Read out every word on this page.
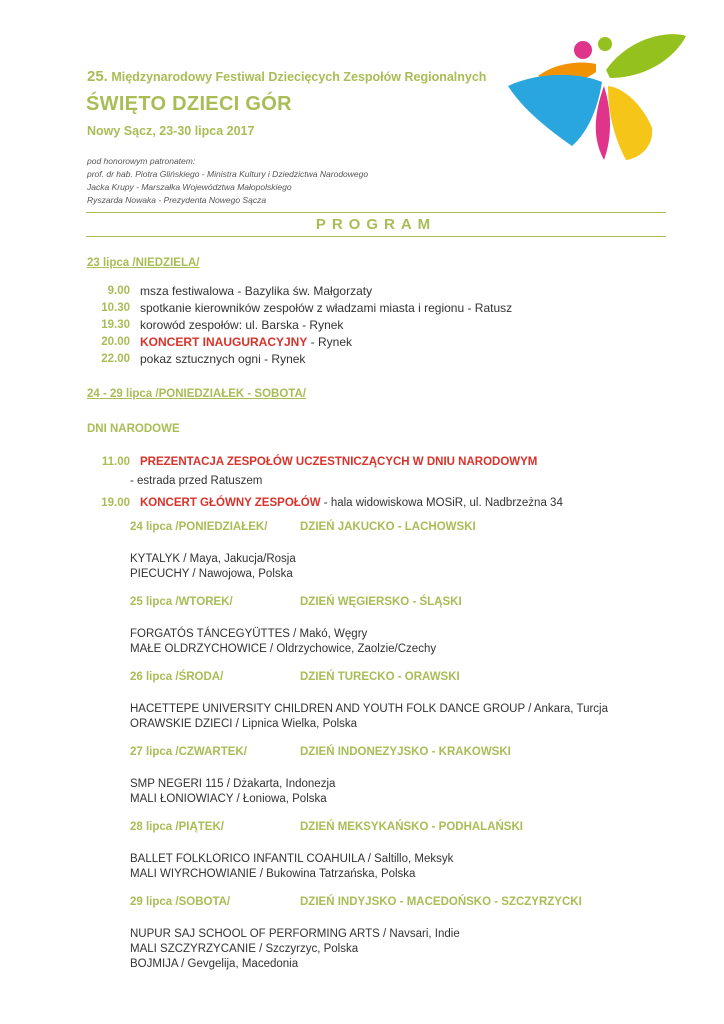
25. Międzynarodowy Festiwal Dziecięcych Zespołów Regionalnych
ŚWIĘTO DZIECI GÓR
Nowy Sącz, 23-30 lipca 2017
pod honorowym patronatem:
prof. dr hab. Piotra Glińskiego - Ministra Kultury i Dziedzictwa Narodowego
Jacka Krupy - Marszałka Województwa Małopolskiego
Ryszarda Nowaka - Prezydenta Nowego Sącza
PROGRAM
23 lipca /NIEDZIELA/
9.00 msza festiwalowa - Bazylika św. Małgorzaty
10.30 spotkanie kierowników zespołów z władzami miasta i regionu - Ratusz
19.30 korowód zespołów: ul. Barska - Rynek
20.00 KONCERT INAUGURACYJNY - Rynek
22.00 pokaz sztucznych ogni - Rynek
24 - 29 lipca /PONIEDZIAŁEK - SOBOTA/
DNI NARODOWE
11.00 PREZENTACJA ZESPOŁÓW UCZESTNICZĄCYCH W DNIU NARODOWYM
- estrada przed Ratuszem
19.00 KONCERT GŁÓWNY ZESPOŁÓW - hala widowiskowa MOSiR, ul. Nadbrzeżna 34
24 lipca /PONIEDZIAŁEK/	DZIEŃ JAKUCKO - LACHOWSKI
KYTALYK / Maya, Jakucja/Rosja
PIECUCHY / Nawojowa, Polska
25 lipca /WTOREK/	DZIEŃ WĘGIERSKO - ŚLĄSKI
FORGATÓS TÁNCEGYÜTTES / Makó, Węgry
MAŁE OLDRZYCHOWICE / Oldrzychowice, Zaolzie/Czechy
26 lipca /ŚRODA/	DZIEŃ TURECKO - ORAWSKI
HACETTEPE UNIVERSITY CHILDREN AND YOUTH FOLK DANCE GROUP / Ankara, Turcja
ORAWSKIE DZIECI / Lipnica Wielka, Polska
27 lipca /CZWARTEK/	DZIEŃ INDONEZYJSKO - KRAKOWSKI
SMP NEGERI 115 / Dżakarta, Indonezja
MALI ŁONIOWIACY / Łoniowa, Polska
28 lipca /PIĄTEK/	DZIEŃ MEKSYKAŃSKO - PODHALAŃSKI
BALLET FOLKLORICO INFANTIL COAHUILA / Saltillo, Meksyk
MALI WIYRCHOWIANIE / Bukowina Tatrzańska, Polska
29 lipca /SOBOTA/	DZIEŃ INDYJSKO - MACEDOŃSKO - SZCZYRZYCKI
NUPUR SAJ SCHOOL OF PERFORMING ARTS / Navsari, Indie
MALI SZCZYRZYCANIE / Szczyrzyc, Polska
BOJMIJA / Gevgelija, Macedonia
